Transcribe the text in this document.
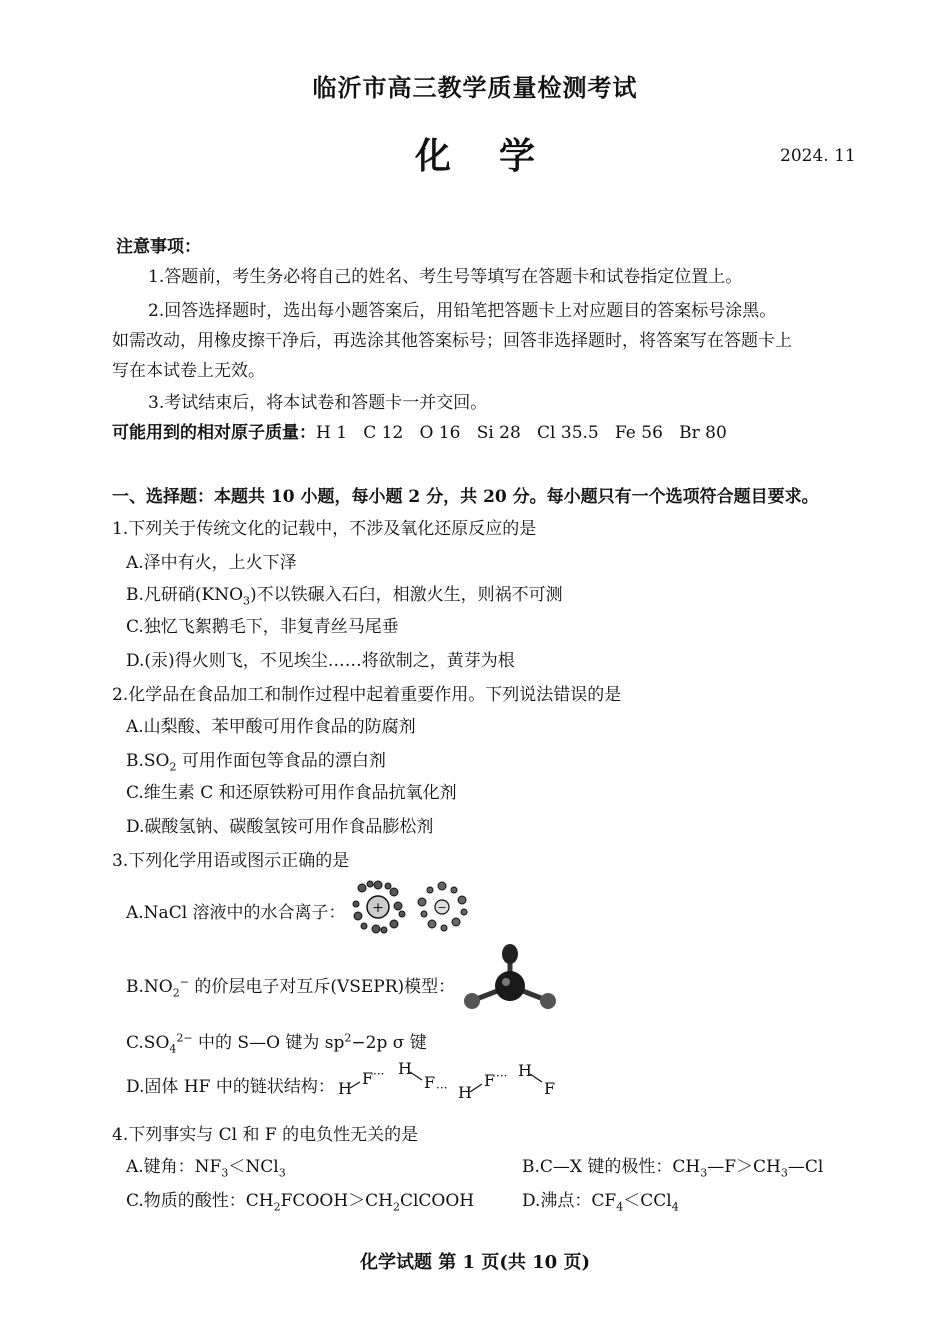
临沂市高三教学质量检测考试
化学	2024. 11
注意事项：
1.答题前，考生务必将自己的姓名、考生号等填写在答题卡和试卷指定位置上。
2.回答选择题时，选出每小题答案后，用铅笔把答题卡上对应题目的答案标号涂黑。
如需改动，用橡皮擦干净后，再选涂其他答案标号；回答非选择题时，将答案写在答题卡上
写在本试卷上无效。
3.考试结束后，将本试卷和答题卡一并交回。
可能用到的相对原子质量：H 1   C 12   O 16   Si 28   Cl 35.5   Fe 56   Br 80
一、选择题：本题共 10 小题，每小题 2 分，共 20 分。每小题只有一个选项符合题目要求。
1.下列关于传统文化的记载中，不涉及氧化还原反应的是
A.泽中有火，上火下泽
B.凡研硝$(KNO_3)$不以铁碾入石臼，相激火生，则祸不可测
C.独忆飞絮鹅毛下，非复青丝马尾垂
D.(汞)得火则飞，不见埃尘……将欲制之，黄芽为根
2.化学品在食品加工和制作过程中起着重要作用。下列说法错误的是
A.山梨酸、苯甲酸可用作食品的防腐剂
$B.SO_2$ 可用作面包等食品的漂白剂
C.维生素 C 和还原铁粉可用作食品抗氧化剂
D.碳酸氢钠、碳酸氢铵可用作食品膨松剂
3.下列化学用语或图示正确的是
A.NaCl 溶液中的水合离子： +	−
$B.NO_2^-$ 的价层电子对互斥(VSEPR)模型：
$C.SO_4^{2-}$ 中的 S—O 键为 $sp^2-2p$ σ 键
D.固体 HF 中的链状结构： H
F ··· H
F ··· H
F ··· H
F
4.下列事实与 Cl 和 F 的电负性无关的是
A.键角：$NF_3<NCl_3$	B.C—X 键的极性：$CH_3—F>CH_3—Cl$
C.物质的酸性：$CH_2FCOOH>CH_2ClCOOH$	D.沸点：$CF_4<CCl_4$
化学试题 第 1 页(共 10 页)
